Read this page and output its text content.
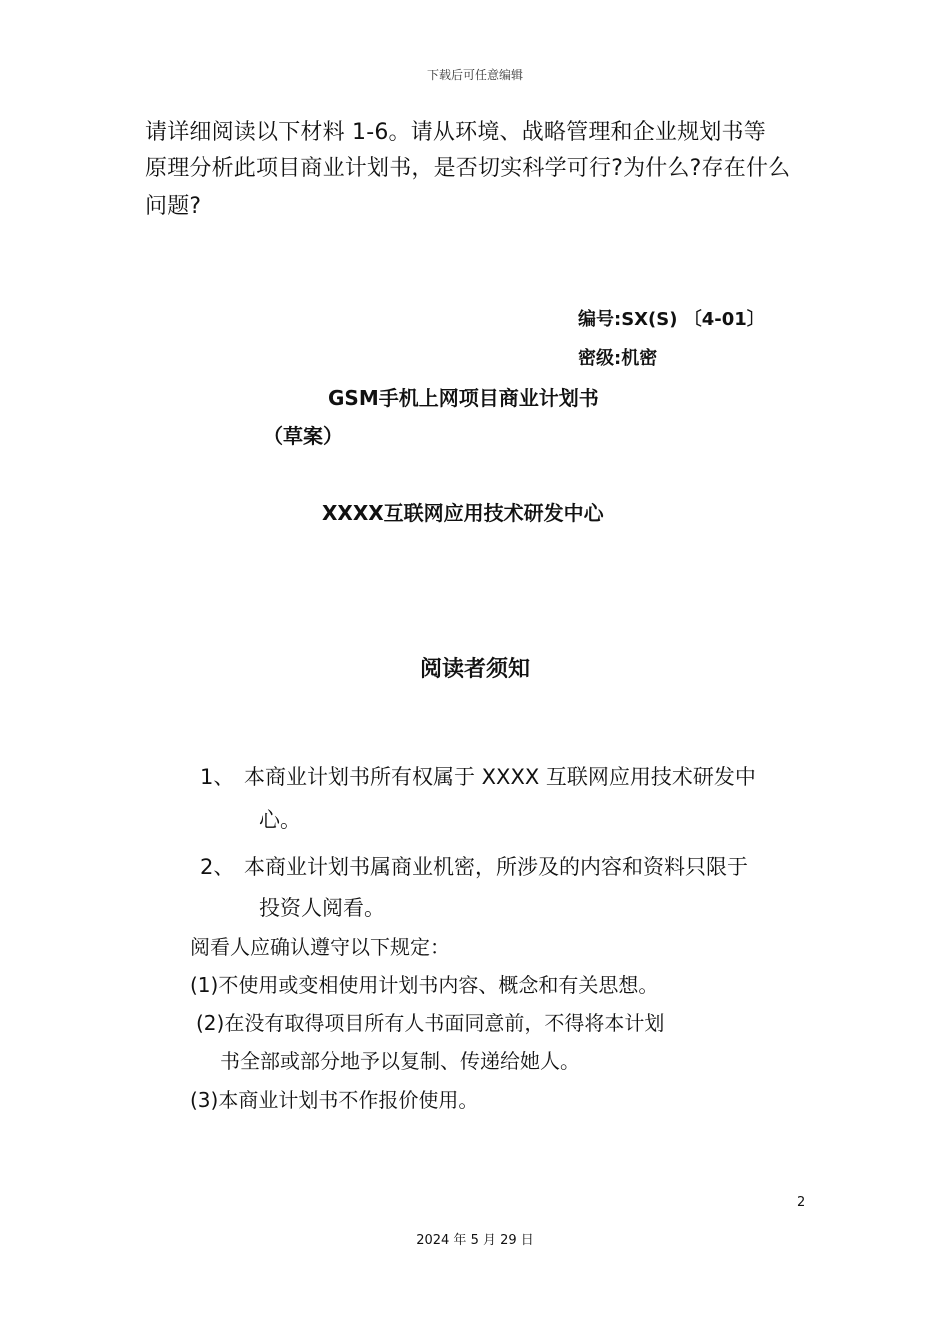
下载后可任意编辑
请详细阅读以下材料 1-6。请从环境、战略管理和企业规划书等
原理分析此项目商业计划书，是否切实科学可行?为什么?存在什么
问题?
编号:SX(S) 〔4-01〕
密级:机密
GSM手机上网项目商业计划书
（草案）
XXXX互联网应用技术研发中心
阅读者须知
1、 本商业计划书所有权属于 XXXX 互联网应用技术研发中
心。
2、 本商业计划书属商业机密，所涉及的内容和资料只限于
投资人阅看。
阅看人应确认遵守以下规定：
(1)不使用或变相使用计划书内容、概念和有关思想。
(2)在没有取得项目所有人书面同意前，不得将本计划
书全部或部分地予以复制、传递给她人。
(3)本商业计划书不作报价使用。
2
2024 年 5 月 29 日
